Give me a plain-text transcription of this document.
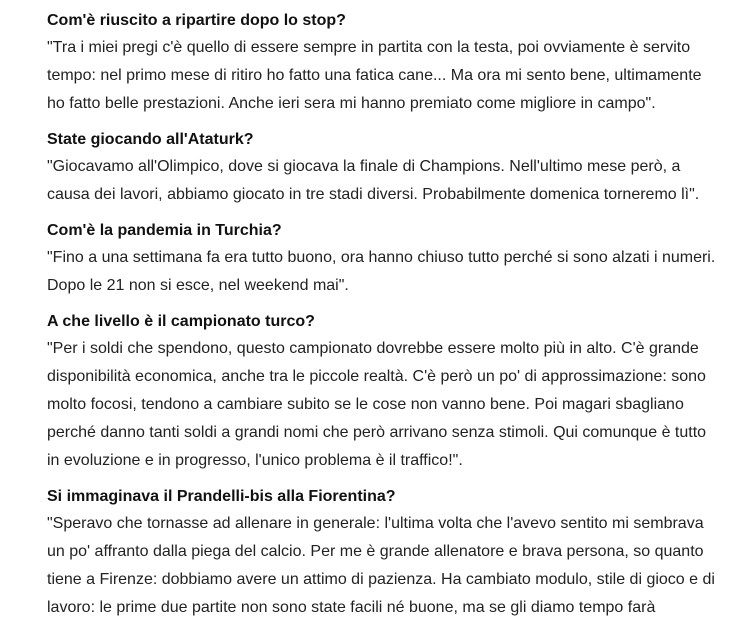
Com'è riuscito a ripartire dopo lo stop?

"Tra i miei pregi c'è quello di essere sempre in partita con la testa, poi ovviamente è servito tempo: nel primo mese di ritiro ho fatto una fatica cane... Ma ora mi sento bene, ultimamente ho fatto belle prestazioni. Anche ieri sera mi hanno premiato come migliore in campo".

State giocando all'Ataturk?

"Giocavamo all'Olimpico, dove si giocava la finale di Champions. Nell'ultimo mese però, a causa dei lavori, abbiamo giocato in tre stadi diversi. Probabilmente domenica torneremo lì".

Com'è la pandemia in Turchia?

"Fino a una settimana fa era tutto buono, ora hanno chiuso tutto perché si sono alzati i numeri. Dopo le 21 non si esce, nel weekend mai".

A che livello è il campionato turco?

"Per i soldi che spendono, questo campionato dovrebbe essere molto più in alto. C'è grande disponibilità economica, anche tra le piccole realtà. C'è però un po' di approssimazione: sono molto focosi, tendono a cambiare subito se le cose non vanno bene. Poi magari sbagliano perché danno tanti soldi a grandi nomi che però arrivano senza stimoli. Qui comunque è tutto in evoluzione e in progresso, l'unico problema è il traffico!".

Si immaginava il Prandelli-bis alla Fiorentina?

"Speravo che tornasse ad allenare in generale: l'ultima volta che l'avevo sentito mi sembrava un po' affranto dalla piega del calcio. Per me è grande allenatore e brava persona, so quanto tiene a Firenze: dobbiamo avere un attimo di pazienza. Ha cambiato modulo, stile di gioco e di lavoro: le prime due partite non sono state facili né buone, ma se gli diamo tempo farà
